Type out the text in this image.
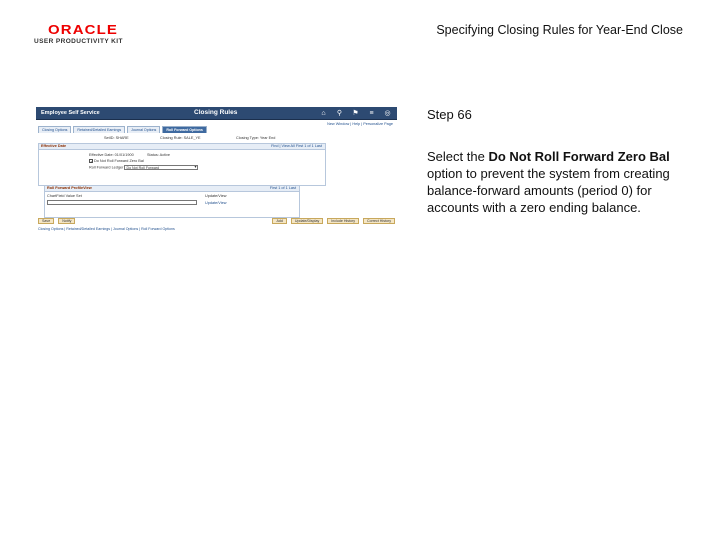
ORACLE
USER PRODUCTIVITY KIT
Specifying Closing Rules for Year-End Close
Employee Self Service	Closing Rules	⌂	⚲ ⚑	≡	◎
New Window | Help | Personalize Page
Closing Options	Retained/Detailed Earnings	Journal Options	Roll Forward Options
SetID: SHARE	Closing Rule: SALE_YE	Closing Type: Year End
Effective Date	Find | View All First 1 of 1 Last
Effective Date: 01/01/1900	Status: Active
✓Do Not Roll Forward Zero Bal
Roll Forward Ledger Do Not Roll Forward ▾
Roll Forward ProfileView	First 1 of 1 Last
ChartField Value Set	Update/View
Update/View
Save	Notify	Add	Update/Display	Include History	Correct History
Closing Options | Retained/Detailed Earnings | Journal Options | Roll Forward Options
Step 66
Select the Do Not Roll Forward Zero Bal option to prevent the system from creating balance-forward amounts (period 0) for accounts with a zero ending balance.
